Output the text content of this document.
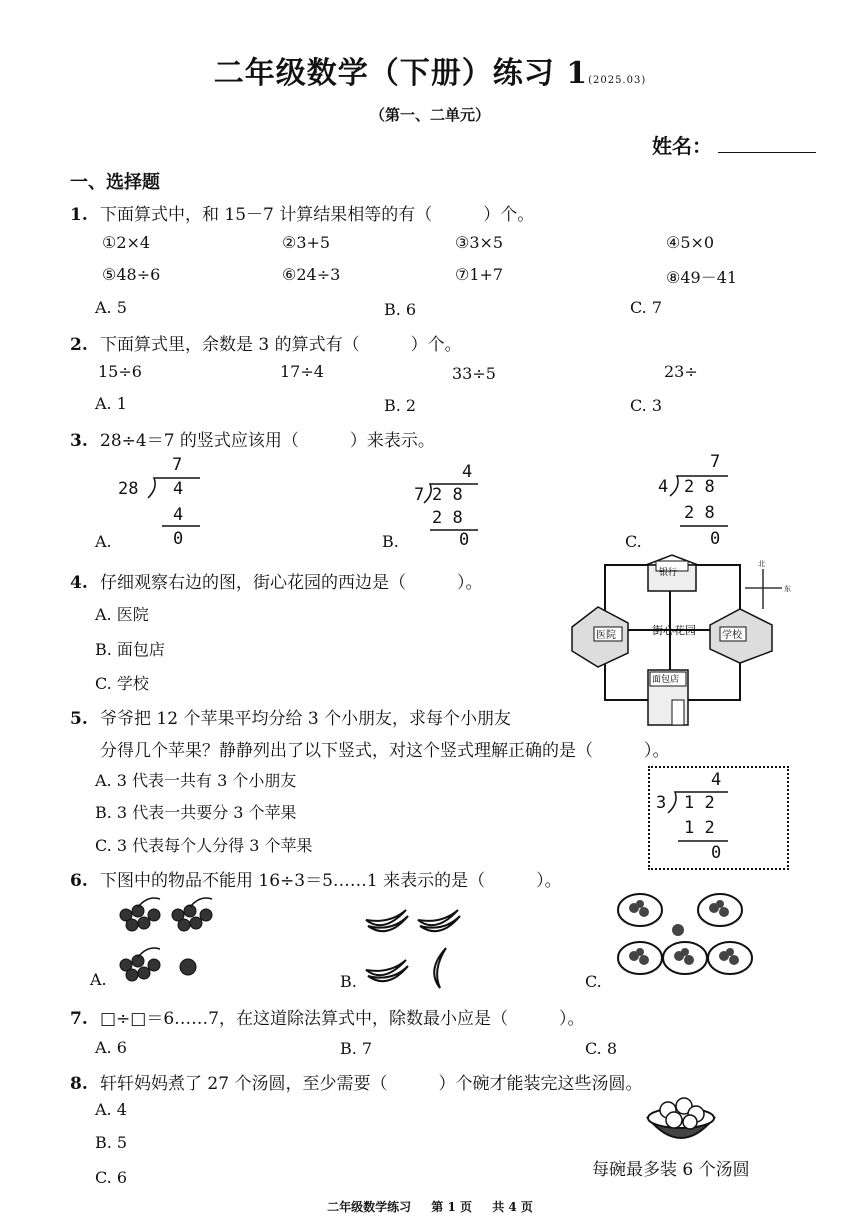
二年级数学（下册）练习 1(2025.03)
（第一、二单元）
姓名：
一、选择题
1. 下面算式中，和 15－7 计算结果相等的有（　　　）个。
①2×4	②3+5	③3×5	④5×0
⑤48÷6	⑥24÷3	⑦1+7	⑧49－41
A. 5	B. 6	C. 7
2. 下面算式里，余数是 3 的算式有（　　　）个。
15÷6	17÷4	33÷5	23÷
A. 1	B. 2	C. 3
3. 28÷4＝7 的竖式应该用（　　　）来表示。
7
28 4
4
0
A.
4
7 2 8
2 8
0
B.
7
4 2 8
2 8
0
C.
4. 仔细观察右边的图，街心花园的西边是（　　　）。
A. 医院
B. 面包店
C. 学校
银行
医院	街心花园	学校
面包店
北
东
5. 爷爷把 12 个苹果平均分给 3 个小朋友，求每个小朋友
分得几个苹果？静静列出了以下竖式，对这个竖式理解正确的是（　　　）。
A. 3 代表一共有 3 个小朋友
B. 3 代表一共要分 3 个苹果
C. 3 代表每个人分得 3 个苹果
4
3 1 2
1 2
0
6. 下图中的物品不能用 16÷3＝5……1 来表示的是（　　　）。
A.	B.	C.
7. □÷□＝6……7，在这道除法算式中，除数最小应是（　　　）。
A. 6	B. 7	C. 8
8. 轩轩妈妈煮了 27 个汤圆，至少需要（　　　）个碗才能装完这些汤圆。
A. 4
B. 5
C. 6	每碗最多装 6 个汤圆
二年级数学练习 第 1 页 共 4 页
